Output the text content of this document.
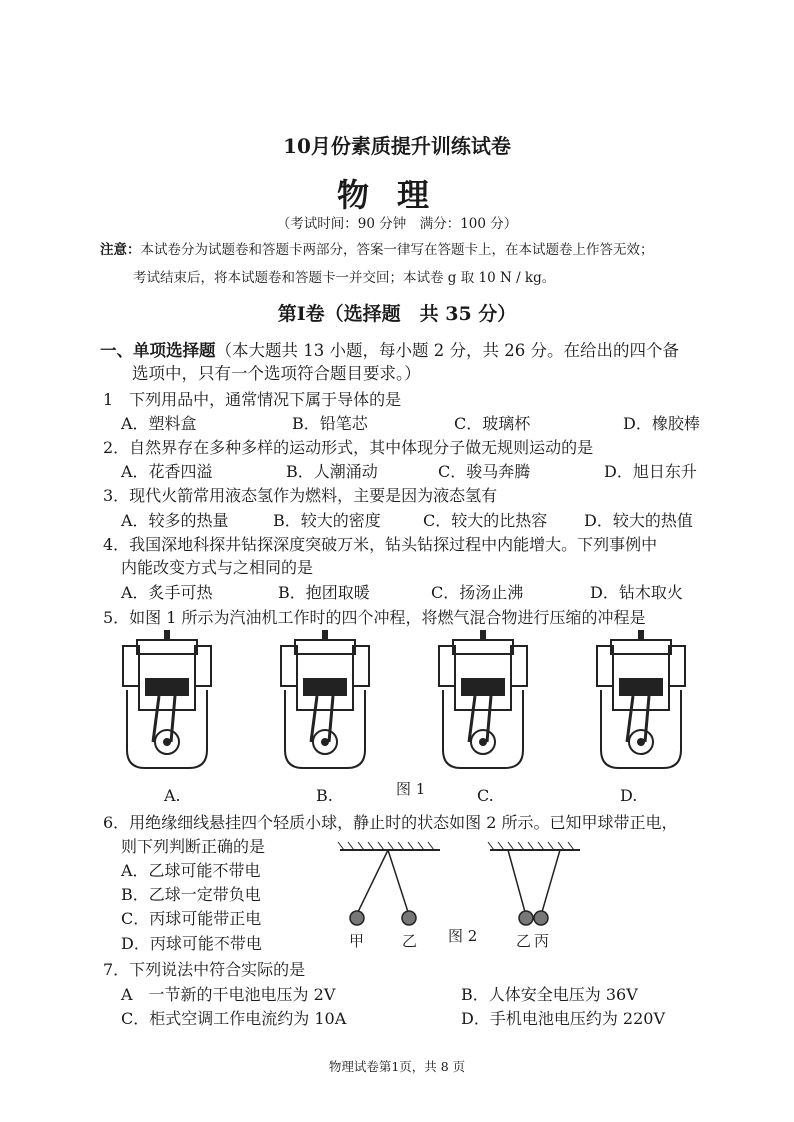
10月份素质提升训练试卷
物理
（考试时间：90 分钟　满分：100 分）
注意：本试卷分为试题卷和答题卡两部分，答案一律写在答题卡上，在本试题卷上作答无效；
考试结束后，将本试题卷和答题卡一并交回；本试卷 g 取 10 N / kg。
第Ⅰ卷（选择题　共 35 分）
一、单项选择题（本大题共 13 小题，每小题 2 分，共 26 分。在给出的四个备
选项中，只有一个选项符合题目要求。）
1　下列用品中，通常情况下属于导体的是
A．塑料盒	B．铅笔芯	C．玻璃杯	D．橡胶棒
2．自然界存在多种多样的运动形式，其中体现分子做无规则运动的是
A．花香四溢	B．人潮涌动	C．骏马奔腾	D．旭日东升
3．现代火箭常用液态氢作为燃料，主要是因为液态氢有
A．较多的热量	B．较大的密度	C．较大的比热容 D．较大的热值
4．我国深地科探井钻探深度突破万米，钻头钻探过程中内能增大。下列事例中
内能改变方式与之相同的是
A．炙手可热	B．抱团取暖	C．扬汤止沸	D．钻木取火
5．如图 1 所示为汽油机工作时的四个冲程，将燃气混合物进行压缩的冲程是
图 1
A.	B.	C.	D.
6．用绝缘细线悬挂四个轻质小球，静止时的状态如图 2 所示。已知甲球带正电，
则下列判断正确的是
A．乙球可能不带电
B．乙球一定带负电
C．丙球可能带正电
D．丙球可能不带电	甲	乙 图 2	乙 丙
7．下列说法中符合实际的是
A　一节新的干电池电压为 2V	B．人体安全电压为 36V
C．柜式空调工作电流约为 10A	D．手机电池电压约为 220V
物理试卷第1页，共 8 页
